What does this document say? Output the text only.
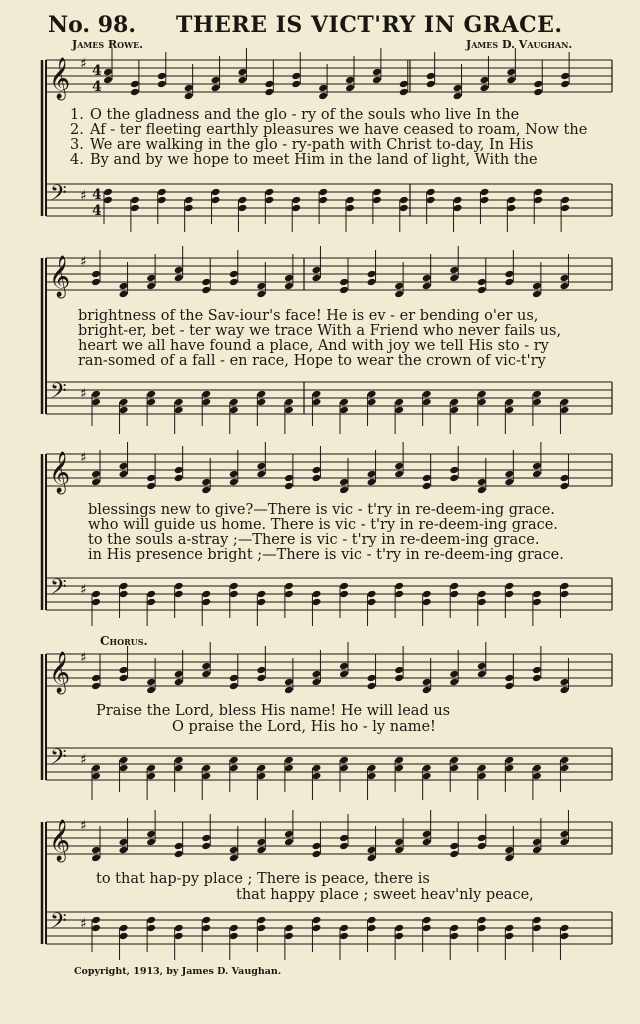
No. 98. THERE IS VICT'RY IN GRACE.
James Rowe.	James D. Vaughan.
𝄞
𝄢
♯
♯
4
4
4
4
𝄞
𝄢
♯
♯
𝄞
𝄢
♯
♯
𝄞
𝄢
♯
♯
𝄞
𝄢
♯
♯
1. O the gladness and the glo - ry of the souls who live In the
2. Af - ter fleeting earthly pleasures we have ceased to roam, Now the
3. We are walking in the glo - ry-path with Christ to-day, In His
4. By and by we hope to meet Him in the land of light, With the
brightness of the Sav-iour's face! He is ev - er bending o'er us,
bright-er, bet - ter way we trace With a Friend who never fails us,
heart we all have found a place, And with joy we tell His sto - ry
ran-somed of a fall - en race, Hope to wear the crown of vic-t'ry
blessings new to give?—There is vic - t'ry in re-deem-ing grace.
who will guide us home. There is vic - t'ry in re-deem-ing grace.
to the souls a-stray ;—There is vic - t'ry in re-deem-ing grace.
in His presence bright ;—There is vic - t'ry in re-deem-ing grace.
Chorus.
Praise the Lord, bless His name! He will lead us
O praise the Lord, His ho - ly name!
to that hap-py place ; There is peace, there is
that happy place ; sweet heav'nly peace,
Copyright, 1913, by James D. Vaughan.
